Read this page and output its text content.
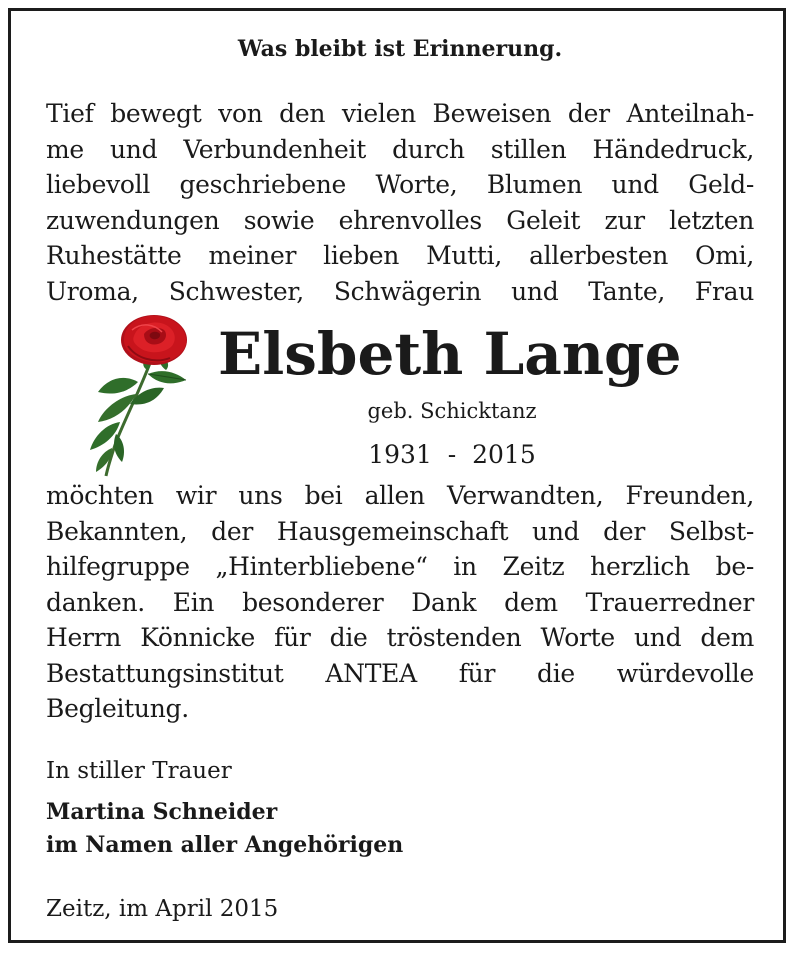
Was bleibt ist Erinnerung.

Tief bewegt von den vielen Beweisen der Anteilnah-
me und Verbundenheit durch stillen Händedruck,
liebevoll geschriebene Worte, Blumen und Geld-
zuwendungen sowie ehrenvolles Geleit zur letzten
Ruhestätte meiner lieben Mutti, allerbesten Omi,
Uroma, Schwester, Schwägerin und Tante, Frau

Elsbeth Lange
geb. Schicktanz
1931  -  2015

möchten wir uns bei allen Verwandten, Freunden,
Bekannten, der Hausgemeinschaft und der Selbst-
hilfegruppe „Hinterbliebene“ in Zeitz herzlich be-
danken. Ein besonderer Dank dem Trauerredner
Herrn Könnicke für die tröstenden Worte und dem
Bestattungsinstitut ANTEA für die würdevolle
Begleitung.

In stiller Trauer
Martina Schneider
im Namen aller Angehörigen
Zeitz, im April 2015
